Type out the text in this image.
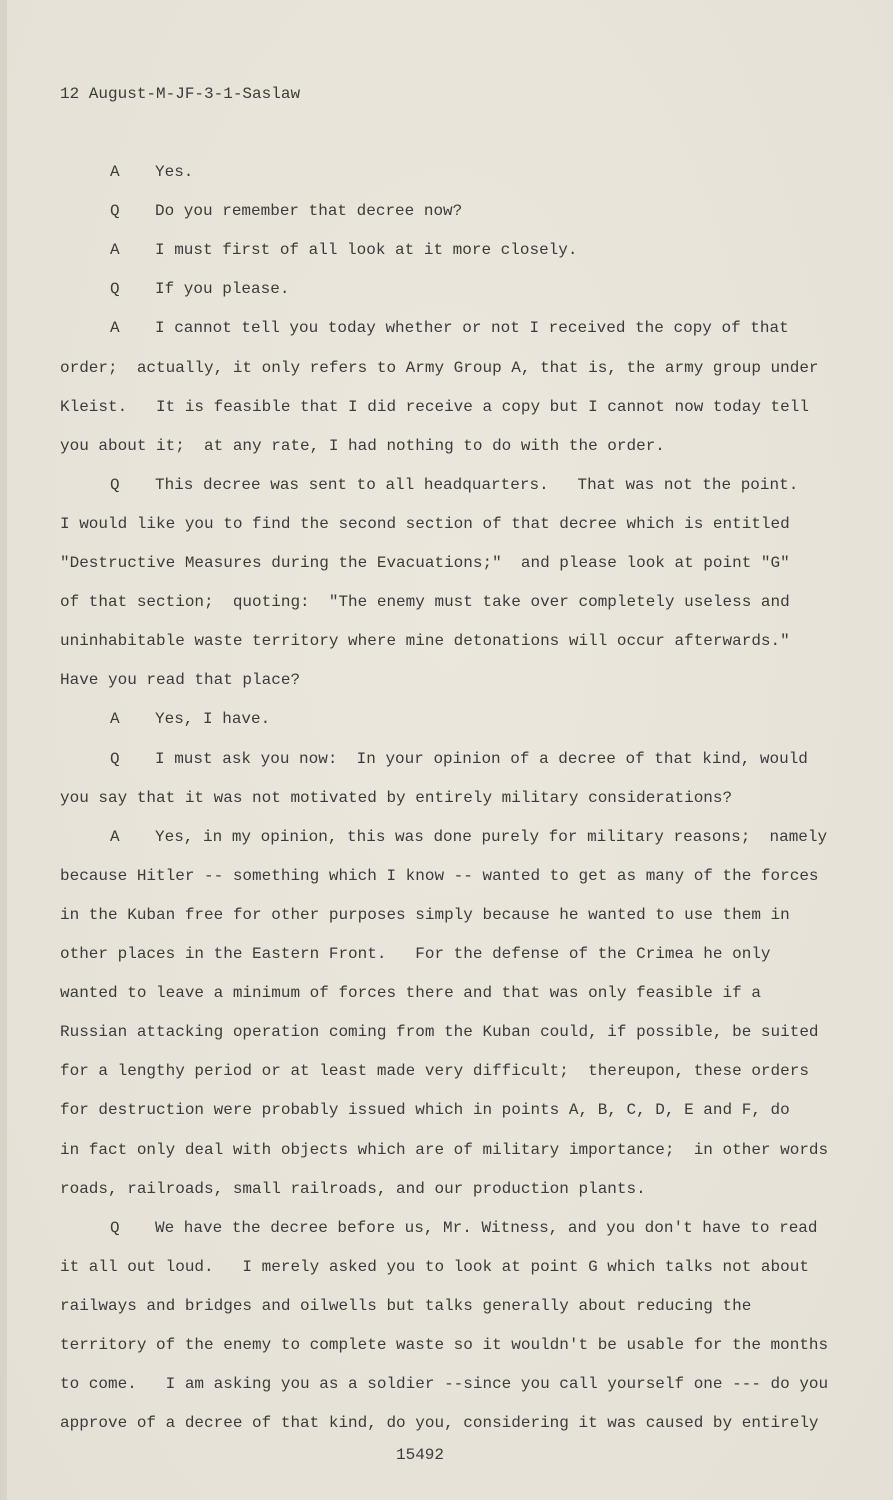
12 August-M-JF-3-1-Saslaw
A Yes.
Q Do you remember that decree now?
A I must first of all look at it more closely.
Q If you please.
A I cannot tell you today whether or not I received the copy of that
order;  actually, it only refers to Army Group A, that is, the army group under
Kleist.   It is feasible that I did receive a copy but I cannot now today tell
you about it;  at any rate, I had nothing to do with the order.
Q This decree was sent to all headquarters.   That was not the point.
I would like you to find the second section of that decree which is entitled
"Destructive Measures during the Evacuations;"  and please look at point "G"
of that section;  quoting:  "The enemy must take over completely useless and
uninhabitable waste territory where mine detonations will occur afterwards."
Have you read that place?
A Yes, I have.
Q I must ask you now:  In your opinion of a decree of that kind, would
you say that it was not motivated by entirely military considerations?
A Yes, in my opinion, this was done purely for military reasons;  namely
because Hitler -- something which I know -- wanted to get as many of the forces
in the Kuban free for other purposes simply because he wanted to use them in
other places in the Eastern Front.   For the defense of the Crimea he only
wanted to leave a minimum of forces there and that was only feasible if a
Russian attacking operation coming from the Kuban could, if possible, be suited
for a lengthy period or at least made very difficult;  thereupon, these orders
for destruction were probably issued which in points A, B, C, D, E and F, do
in fact only deal with objects which are of military importance;  in other words
roads, railroads, small railroads, and our production plants.
Q We have the decree before us, Mr. Witness, and you don't have to read
it all out loud.   I merely asked you to look at point G which talks not about
railways and bridges and oilwells but talks generally about reducing the
territory of the enemy to complete waste so it wouldn't be usable for the months
to come.   I am asking you as a soldier --since you call yourself one --- do you
approve of a decree of that kind, do you, considering it was caused by entirely
15492
